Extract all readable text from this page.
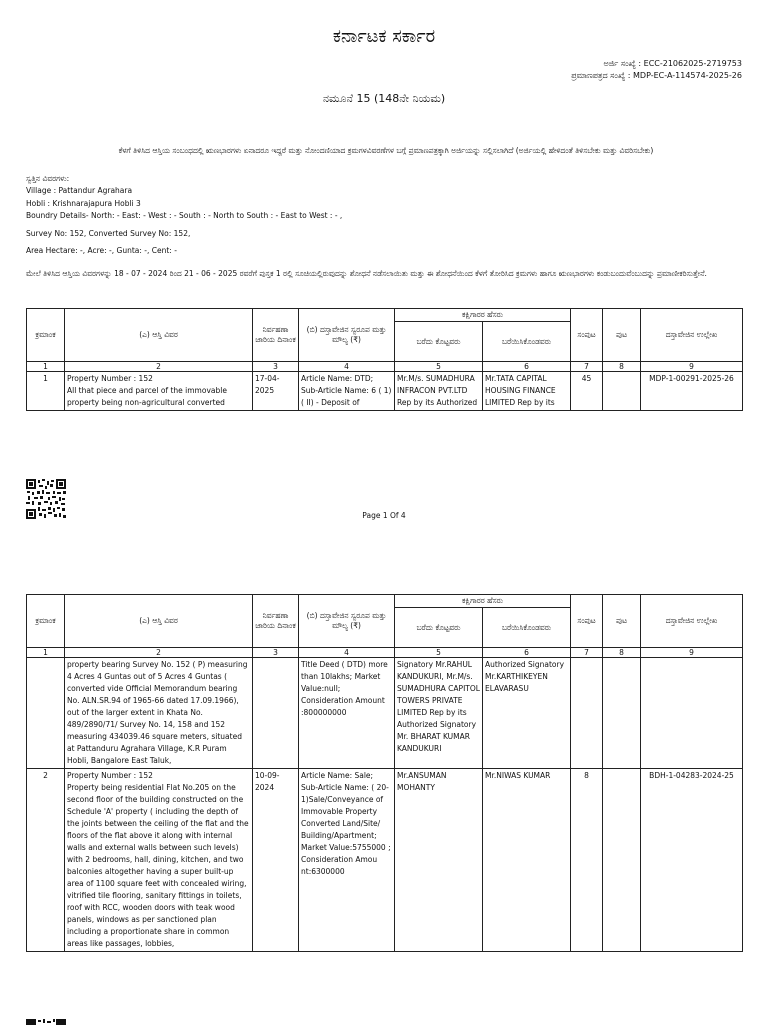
ಕರ್ನಾಟಕ ಸರ್ಕಾರ
ಅರ್ಜಿ ಸಂಖ್ಯೆ : ECC-21062025-2719753
ಪ್ರಮಾಣಪತ್ರದ ಸಂಖ್ಯೆ : MDP-EC-A-114574-2025-26
ನಮೂನೆ 15 (148ನೇ ನಿಯಮ)
ಕೆಳಗೆ ತಿಳಿಸಿದ ಆಸ್ತಿಯ ಸಂಬಂಧದಲ್ಲಿ ಋಣಭಾರಗಳು ಏನಾದರೂ ಇದ್ದರೆ ಮತ್ತು ನೋಂದಣಿಯಾದ ಕ್ರಮಗಳವಿವರಣೆಗಳ ಬಗ್ಗೆ ಪ್ರಮಾಣಪತ್ರಕ್ಕಾಗಿ ಅರ್ಜಿಯನ್ನು ಸಲ್ಲಿಸಲಾಗಿದೆ (ಅರ್ಜಿಯಲ್ಲಿ ಹೇಳಿದಂತೆ ತಿಳಿಸಬೇಕು ಮತ್ತು ವಿವರಿಸಬೇಕು)
ಸ್ವತ್ತಿನ ವಿವರಗಳು:
Village : Pattandur Agrahara
Hobli : Krishnarajapura Hobli 3
Boundry Details- North: - East: - West : - South : - North to South : - East to West : - ,
Survey No: 152, Converted Survey No: 152,
Area Hectare: -, Acre: -, Gunta: -, Cent: -
ಮೇಲೆ ತಿಳಿಸಿದ ಆಸ್ತಿಯ ವಿವರಗಳನ್ನು 18 - 07 - 2024 ರಿಂದ 21 - 06 - 2025 ರವರೆಗೆ ಪುಸ್ತಕ 1 ರಲ್ಲಿ ಸೂಚಿಯಲ್ಲಿರುವುದನ್ನು ಶೋಧನೆ ನಡೆಸಲಾಯಿತು ಮತ್ತು ಈ ಶೋಧನೆಯಿಂದ ಕೆಳಗೆ ತೋರಿಸಿದ ಕ್ರಮಗಳು ಹಾಗೂ ಋಣಭಾರಗಳು ಕಂಡುಬಂದುವೆಂಬುದನ್ನು ಪ್ರಮಾಣೀಕರಿಸುತ್ತೇನೆ.
ಕ್ರಮಾಂಕ	(ಎ) ಆಸ್ತಿ ವಿವರ	ನಿರ್ವಹಣಾ ಜಾರಿಯ ದಿನಾಂಕ	(ಬಿ) ದಸ್ತಾವೇಜಿನ ಸ್ವರೂಪ ಮತ್ತು ಮೌಲ್ಯ (₹)	ಕಕ್ಷಿಗಾರರ ಹೆಸರು		ಸಂಪುಟ	ಪುಟ	ದಸ್ತಾವೇಜಿನ ಉಲ್ಲೇಖ
				ಬರೆದು ಕೊಟ್ಟವರು	ಬರೆಯಿಸಿಕೊಂಡವರು			
1	2	3	4	5	6	7	8	9

1	Property Number : 152
All that piece and parcel of the immovable property being non-agricultural converted	17-04-2025	Article Name: DTD; Sub-Article Name: 6 ( 1) ( II) - Deposit of	Mr.M/s. SUMADHURA INFRACON PVT.LTD Rep by its Authorized	Mr.TATA CAPITAL HOUSING FINANCE LIMITED Rep by its	45		MDP-1-00291-2025-26
Page 1 Of 4
ಕ್ರಮಾಂಕ	(ಎ) ಆಸ್ತಿ ವಿವರ	ನಿರ್ವಹಣಾ ಜಾರಿಯ ದಿನಾಂಕ	(ಬಿ) ದಸ್ತಾವೇಜಿನ ಸ್ವರೂಪ ಮತ್ತು ಮೌಲ್ಯ (₹)	ಕಕ್ಷಿಗಾರರ ಹೆಸರು		ಸಂಪುಟ	ಪುಟ	ದಸ್ತಾವೇಜಿನ ಉಲ್ಲೇಖ
				ಬರೆದು ಕೊಟ್ಟವರು	ಬರೆಯಿಸಿಕೊಂಡವರು			
1	2	3	4	5	6	7	8	9

	property bearing Survey No. 152 ( P) measuring 4 Acres 4 Guntas out of 5 Acres 4 Guntas ( converted vide Official Memorandum bearing No. ALN.SR.94 of 1965-66 dated 17.09.1966), out of the larger extent in Khata No. 489/2890/71/ Survey No. 14, 158 and 152 measuring 434039.46 square meters, situated at Pattanduru Agrahara Village, K.R Puram Hobli, Bangalore East Taluk,		Title Deed ( DTD) more than 10lakhs; Market Value:null; Consideration Amount :800000000	Signatory Mr.RAHUL KANDUKURI, Mr.M/s. SUMADHURA CAPITOL TOWERS PRIVATE LIMITED Rep by its Authorized Signatory Mr. BHARAT KUMAR KANDUKURI	Authorized Signatory Mr.KARTHIKEYEN ELAVARASU			

2	Property Number : 152
Property being residential Flat No.205 on the second floor of the building constructed on the Schedule 'A' property ( including the depth of the joints between the ceiling of the flat and the floors of the flat above it along with internal walls and external walls between such levels) with 2 bedrooms, hall, dining, kitchen, and two balconies altogether having a super built-up area of 1100 square feet with concealed wiring, vitrified tile flooring, sanitary fittings in toilets, roof with RCC, wooden doors with teak wood panels, windows as per sanctioned plan including a proportionate share in common areas like passages, lobbies,	10-09-2024	Article Name: Sale; Sub-Article Name: ( 20-1)Sale/Conveyance of Immovable Property Converted Land/Site/ Building/Apartment; Market Value:5755000 ; Consideration Amou nt:6300000	Mr.ANSUMAN MOHANTY	Mr.NIWAS KUMAR	8		BDH-1-04283-2024-25
